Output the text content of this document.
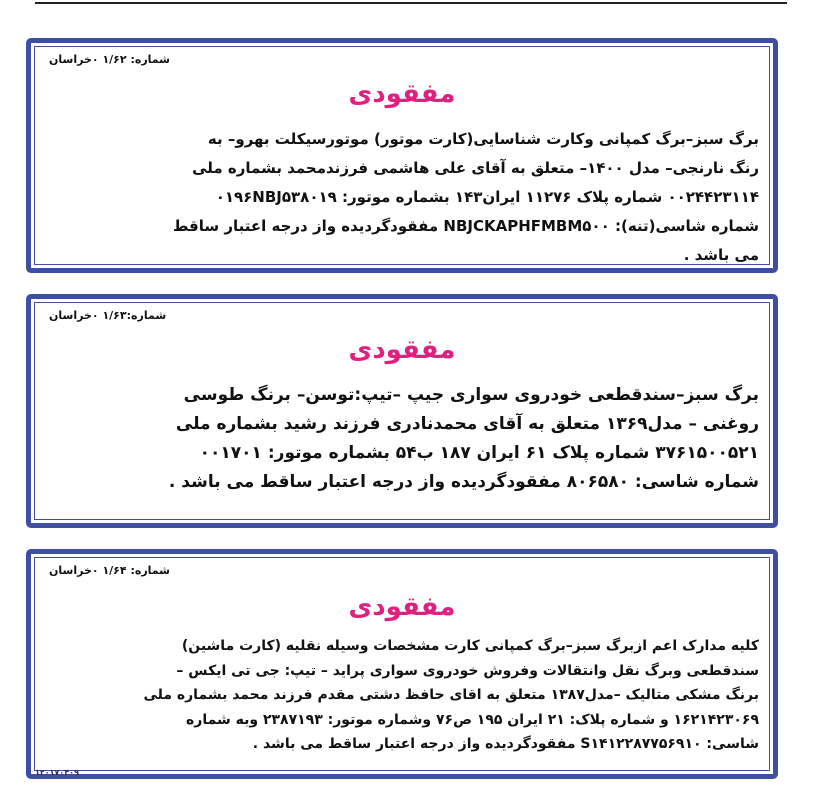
شماره: ۱/۶۲ ۰خراسان
مفقودی
برگ سبز–برگ کمپانی وکارت شناسایی(کارت موتور) موتورسیکلت بهرو– به
رنگ نارنجی– مدل ۱۴۰۰– متعلق به آقای علی هاشمی فرزندمحمد بشماره ملی
۰۰۲۴۴۲۳۱۱۴ شماره پلاک ۱۱۲۷۶ ایران۱۴۳ بشماره موتور: ۰۱۹۶NBJ۵۳۸۰۱۹
شماره شاسی(تنه): NBJCKAPHFMBM۵۰۰ مفقودگردیده واز درجه اعتبار ساقط
می باشد .
شماره:۱/۶۳ ۰خراسان
مفقودی
برگ سبز–سندقطعی خودروی سواری جیپ –تیپ:توسن– برنگ طوسی
روغنی – مدل۱۳۶۹ متعلق به آقای محمدنادری فرزند رشید بشماره ملی
۳۷۶۱۵۰۰۵۲۱ شماره پلاک ۶۱ ایران ۱۸۷ ب۵۴ بشماره موتور: ۰۰۱۷۰۱
شماره شاسی: ۸۰۶۵۸۰ مفقودگردیده واز درجه اعتبار ساقط می باشد .
شماره: ۱/۶۴ ۰خراسان
مفقودی
کلیه مدارک اعم ازبرگ سبز–برگ کمپانی کارت مشخصات وسیله نقلیه (کارت ماشین)
سندقطعی وبرگ نقل وانتقالات وفروش خودروی سواری پراید – تیپ: جی تی ایکس –
برنگ مشکی متالیک –مدل۱۳۸۷ متعلق به اقای حافظ دشتی مقدم فرزند محمد بشماره ملی
۱۶۲۱۴۲۳۰۶۹ و شماره پلاک: ۲۱ ایران ۱۹۵ ص۷۶ وشماره موتور: ۲۳۸۷۱۹۳ وبه شماره
شاسی: S۱۴۱۲۲۸۷۷۵۶۹۱۰ مفقودگردیده واز درجه اعتبار ساقط می باشد .
۱۲۰۱۷۰۴۰۹
